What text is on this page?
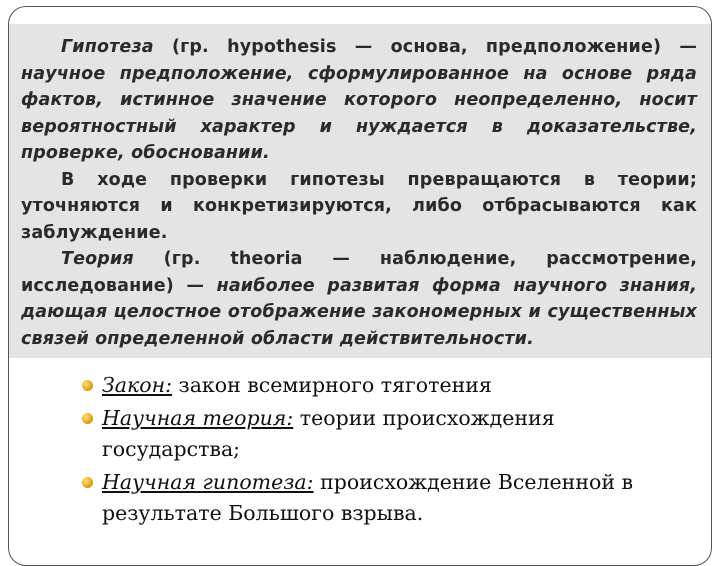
Гипотеза (гр. hypothesis — основа, предположение) — научное предположение, сформулированное на основе ряда фактов, истинное значение которого неопределенно, носит вероятностный характер и нуждается в доказательстве, проверке, обосновании.

В ходе проверки гипотезы превращаются в теории; уточняются и конкретизируются, либо отбрасываются как заблуждение.

Теория (гр. theoria — наблюдение, рассмотрение, исследование) — наиболее развитая форма научного знания, дающая целостное отображение закономерных и существенных связей определенной области действительности.

Закон: закон всемирного тяготения
Научная теория: теории происхождения государства;
Научная гипотеза: происхождение Вселенной в результате Большого взрыва.
